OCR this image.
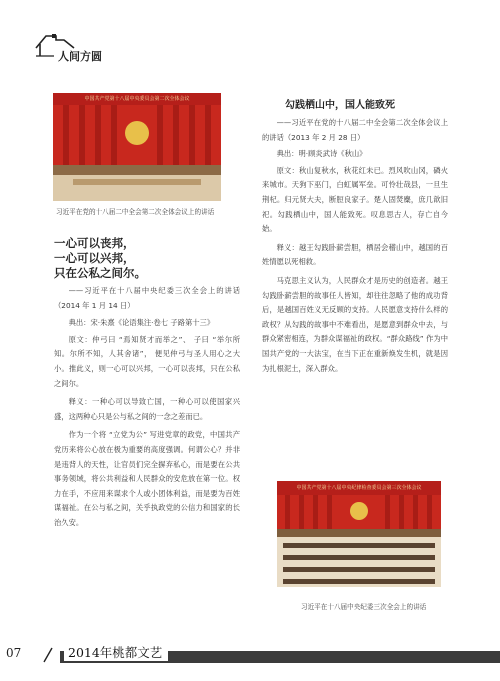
人间方圆
中国共产党第十八届中央委员会第二次全体会议
习近平在党的十八届二中全会第二次全体会议上的讲话

一心可以丧邦，

一心可以兴邦，

只在公私之间尔。

——习近平在十八届中央纪委三次全会上的讲话（2014 年 1 月 14 日）

典出：宋·朱熹《论语集注·卷七 子路第十三》

原文：仲弓曰 “焉知贤才而举之”、 子曰 “举尔所知。尔所不知，人其舍诸”， 便见仲弓与圣人用心之大小。推此义，则一心可以兴邦，一心可以丧邦，只在公私之间尔。

释义：一种心可以导致亡国，一种心可以使国家兴盛，这两种心只是公与私之间的一念之差而已。

作为一个将 “立党为公” 写进党章的政党，中国共产党历来将公心放在极为重要的高度强调。何谓公心？并非是违背人的天性，让官员们完全摒弃私心，而是要在公共事务领域，将公共利益和人民群众的安危放在第一位。权力在手，不应用来谋求个人或小团体利益，而是要为百姓谋福祉。在公与私之间，关乎执政党的公信力和国家的长治久安。

勾践栖山中，国人能致死

——习近平在党的十八届二中全会第二次全体会议上的讲话（2013 年 2 月 28 日）

典出：明·顾炎武诗《秋山》

原文：秋山复秋水，秋花红未已。烈风吹山冈，磷火来城市。天狗下巫门，白虹属军垒。可怜壮哉县，一旦生荆杞。归元贤大夫，断脰良家子。楚人固焚麇，庶几歆旧祀。勾践栖山中，国人能致死。叹息思古人，存亡自今始。

释义：越王勾践卧薪尝胆，栖居会稽山中，越国的百姓情愿以死相救。

马克思主义认为，人民群众才是历史的创造者。越王勾践卧薪尝胆的故事任人皆知，却往往忽略了他的成功背后，是越国百姓义无反顾的支持。人民愿意支持什么样的政权？从勾践的故事中不难看出，是愿意到群众中去，与群众紧密相连，为群众谋福祉的政权。“群众路线” 作为中国共产党的一大法宝，在当下正在重新焕发生机，就是因为扎根泥土，深入群众。

中国共产党第十八届中央纪律检查委员会第三次全体会议
习近平在十八届中央纪委三次全会上的讲话
07	2014年桃都文艺
